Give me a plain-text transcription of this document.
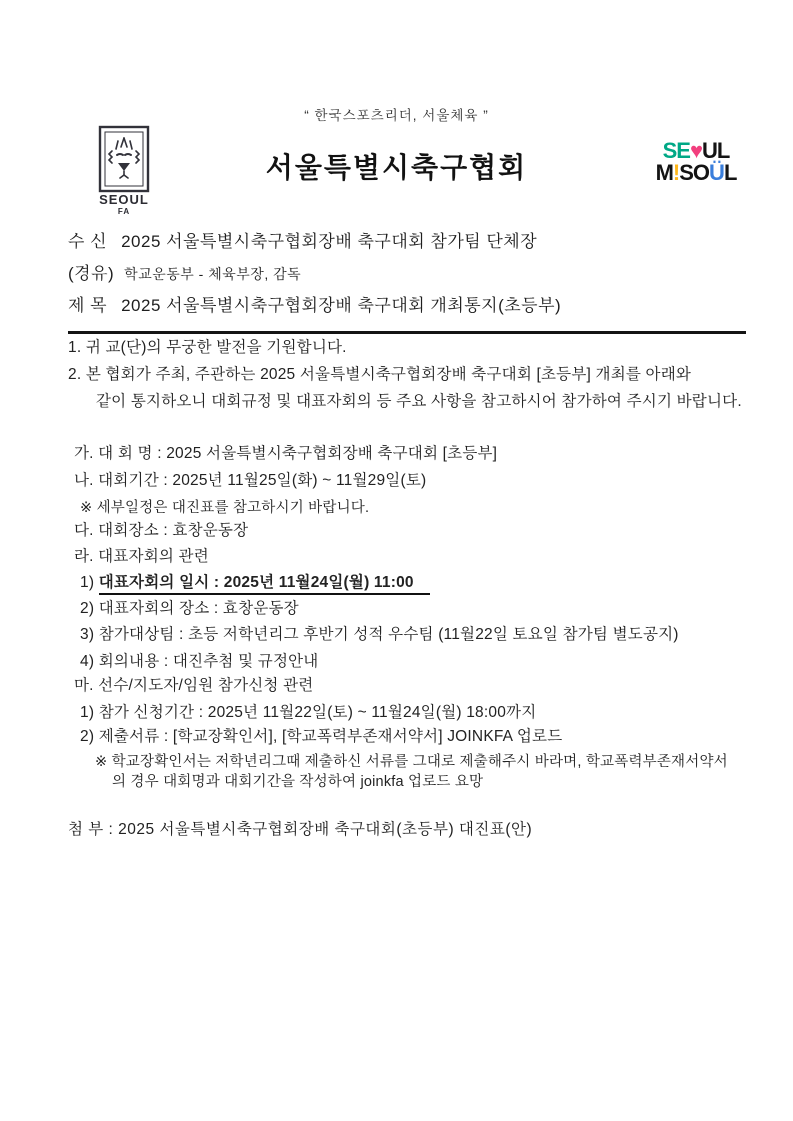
“ 한국스포츠리더, 서울체육 ”
SEOUL
FA
서울특별시축구협회
SE♥UL
M!SOÜL
수 신 2025 서울특별시축구협회장배 축구대회 참가팀 단체장
(경유) 학교운동부 - 체육부장, 감독
제 목 2025 서울특별시축구협회장배 축구대회 개최통지(초등부)
1. 귀 교(단)의 무궁한 발전을 기원합니다.
2. 본 협회가 주최, 주관하는 2025 서울특별시축구협회장배 축구대회 [초등부] 개최를 아래와
같이 통지하오니 대회규정 및 대표자회의 등 주요 사항을 참고하시어 참가하여 주시기 바랍니다.
가. 대 회 명 : 2025 서울특별시축구협회장배 축구대회 [초등부]
나. 대회기간 : 2025년 11월25일(화) ~ 11월29일(토)
※ 세부일정은 대진표를 참고하시기 바랍니다.
다. 대회장소 : 효창운동장
라. 대표자회의 관련
1) 대표자회의 일시 : 2025년 11월24일(월) 11:00
2) 대표자회의 장소 : 효창운동장
3) 참가대상팀 : 초등 저학년리그 후반기 성적 우수팀 (11월22일 토요일 참가팀 별도공지)
4) 회의내용 : 대진추첨 및 규정안내
마. 선수/지도자/임원 참가신청 관련
1) 참가 신청기간 : 2025년 11월22일(토) ~ 11월24일(월) 18:00까지
2) 제출서류 : [학교장확인서], [학교폭력부존재서약서] JOINKFA 업로드
※ 학교장확인서는 저학년리그때 제출하신 서류를 그대로 제출해주시 바라며, 학교폭력부존재서약서
의 경우 대회명과 대회기간을 작성하여 joinkfa 업로드 요망
첨 부 : 2025 서울특별시축구협회장배 축구대회(초등부) 대진표(안)
